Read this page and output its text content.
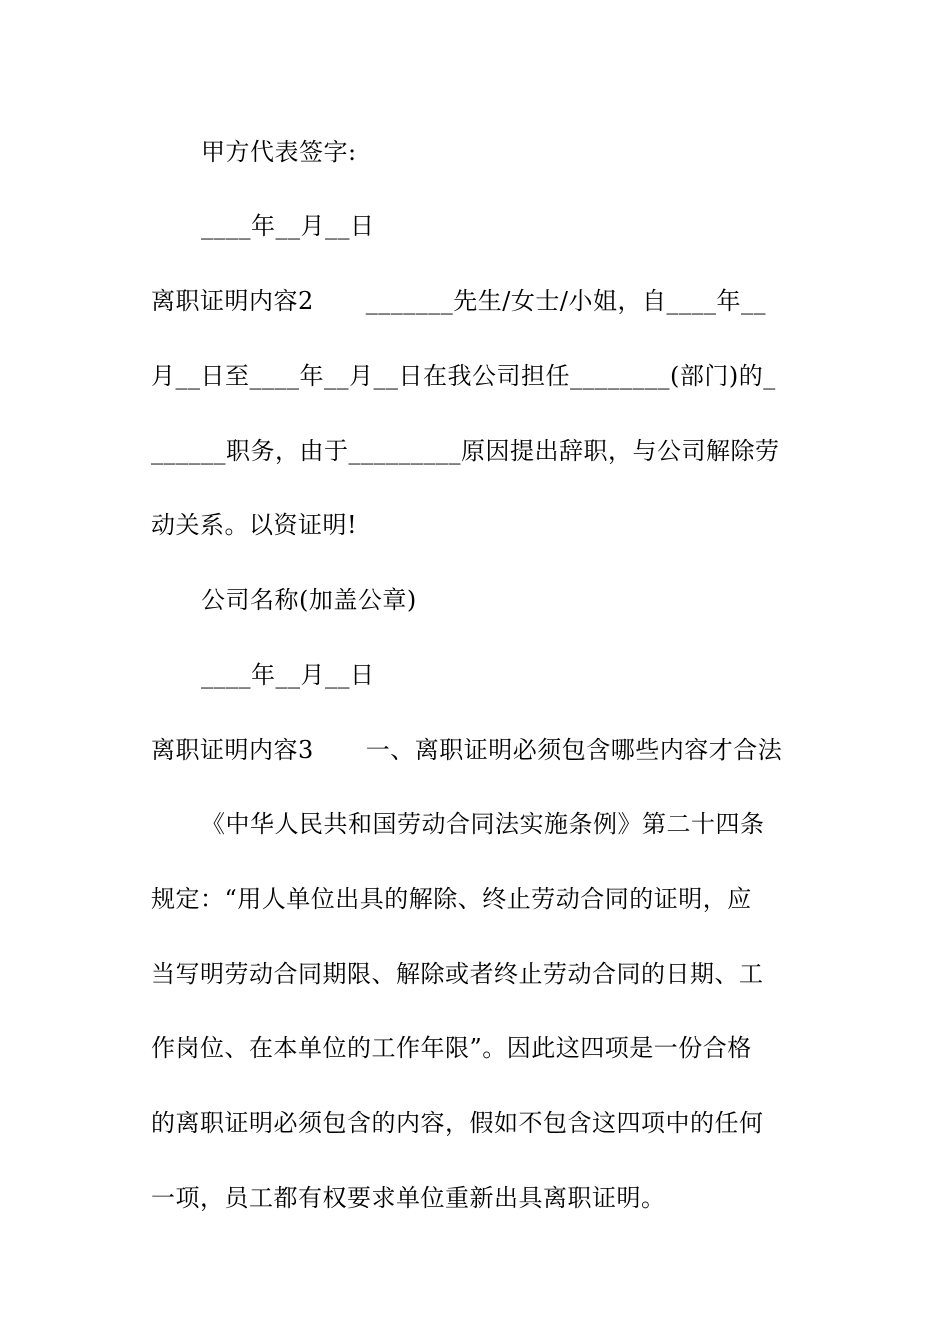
甲方代表签字:
____年__月__日
离职证明内容2 _______先生/女士/小姐，自____年__
月__日至____年__月__日在我公司担任________(部门)的_
______职务，由于_________原因提出辞职，与公司解除劳
动关系。以资证明!
公司名称(加盖公章)
____年__月__日
离职证明内容3 一、离职证明必须包含哪些内容才合法
《中华人民共和国劳动合同法实施条例》第二十四条
规定：“用人单位出具的解除、终止劳动合同的证明，应
当写明劳动合同期限、解除或者终止劳动合同的日期、工
作岗位、在本单位的工作年限”。因此这四项是一份合格
的离职证明必须包含的内容，假如不包含这四项中的任何
一项，员工都有权要求单位重新出具离职证明。
